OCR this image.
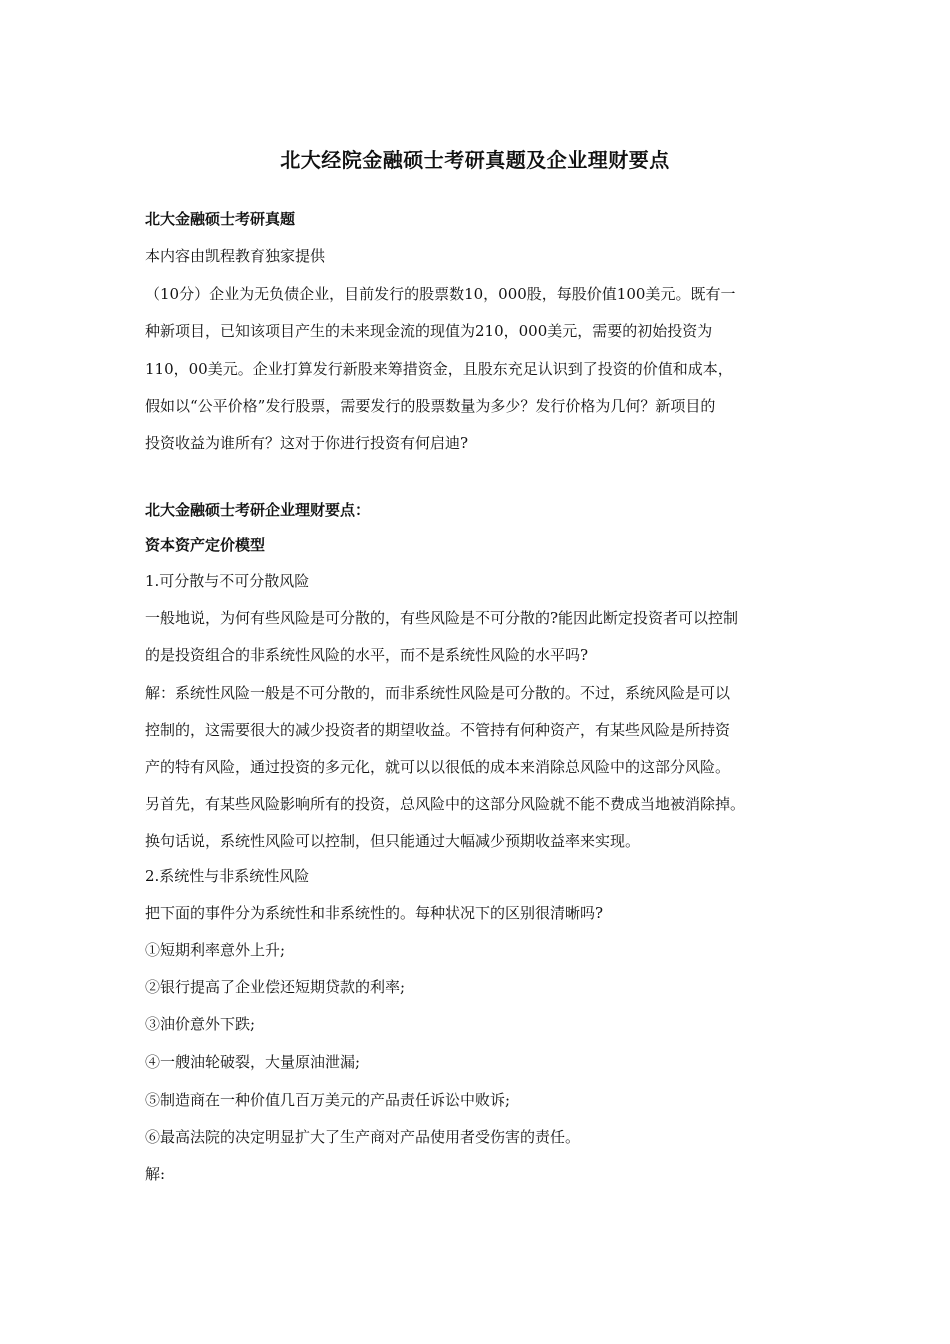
北大经院金融硕士考研真题及企业理财要点
北大金融硕士考研真题
本内容由凯程教育独家提供
（10分）企业为无负债企业，目前发行的股票数10，000股，每股价值100美元。既有一
种新项目，已知该项目产生的未来现金流的现值为210，000美元，需要的初始投资为
110，00美元。企业打算发行新股来筹措资金，且股东充足认识到了投资的价值和成本，
假如以“公平价格”发行股票，需要发行的股票数量为多少？发行价格为几何？新项目的
投资收益为谁所有？这对于你进行投资有何启迪?
北大金融硕士考研企业理财要点：
资本资产定价模型
1.可分散与不可分散风险
一般地说，为何有些风险是可分散的，有些风险是不可分散的?能因此断定投资者可以控制
的是投资组合的非系统性风险的水平，而不是系统性风险的水平吗?
解：系统性风险一般是不可分散的，而非系统性风险是可分散的。不过，系统风险是可以
控制的，这需要很大的减少投资者的期望收益。不管持有何种资产，有某些风险是所持资
产的特有风险，通过投资的多元化，就可以以很低的成本来消除总风险中的这部分风险。
另首先，有某些风险影响所有的投资，总风险中的这部分风险就不能不费成当地被消除掉。
换句话说，系统性风险可以控制，但只能通过大幅减少预期收益率来实现。
2.系统性与非系统性风险
把下面的事件分为系统性和非系统性的。每种状况下的区别很清晰吗?
①短期利率意外上升;
②银行提高了企业偿还短期贷款的利率;
③油价意外下跌;
④一艘油轮破裂，大量原油泄漏;
⑤制造商在一种价值几百万美元的产品责任诉讼中败诉;
⑥最高法院的决定明显扩大了生产商对产品使用者受伤害的责任。
解:
